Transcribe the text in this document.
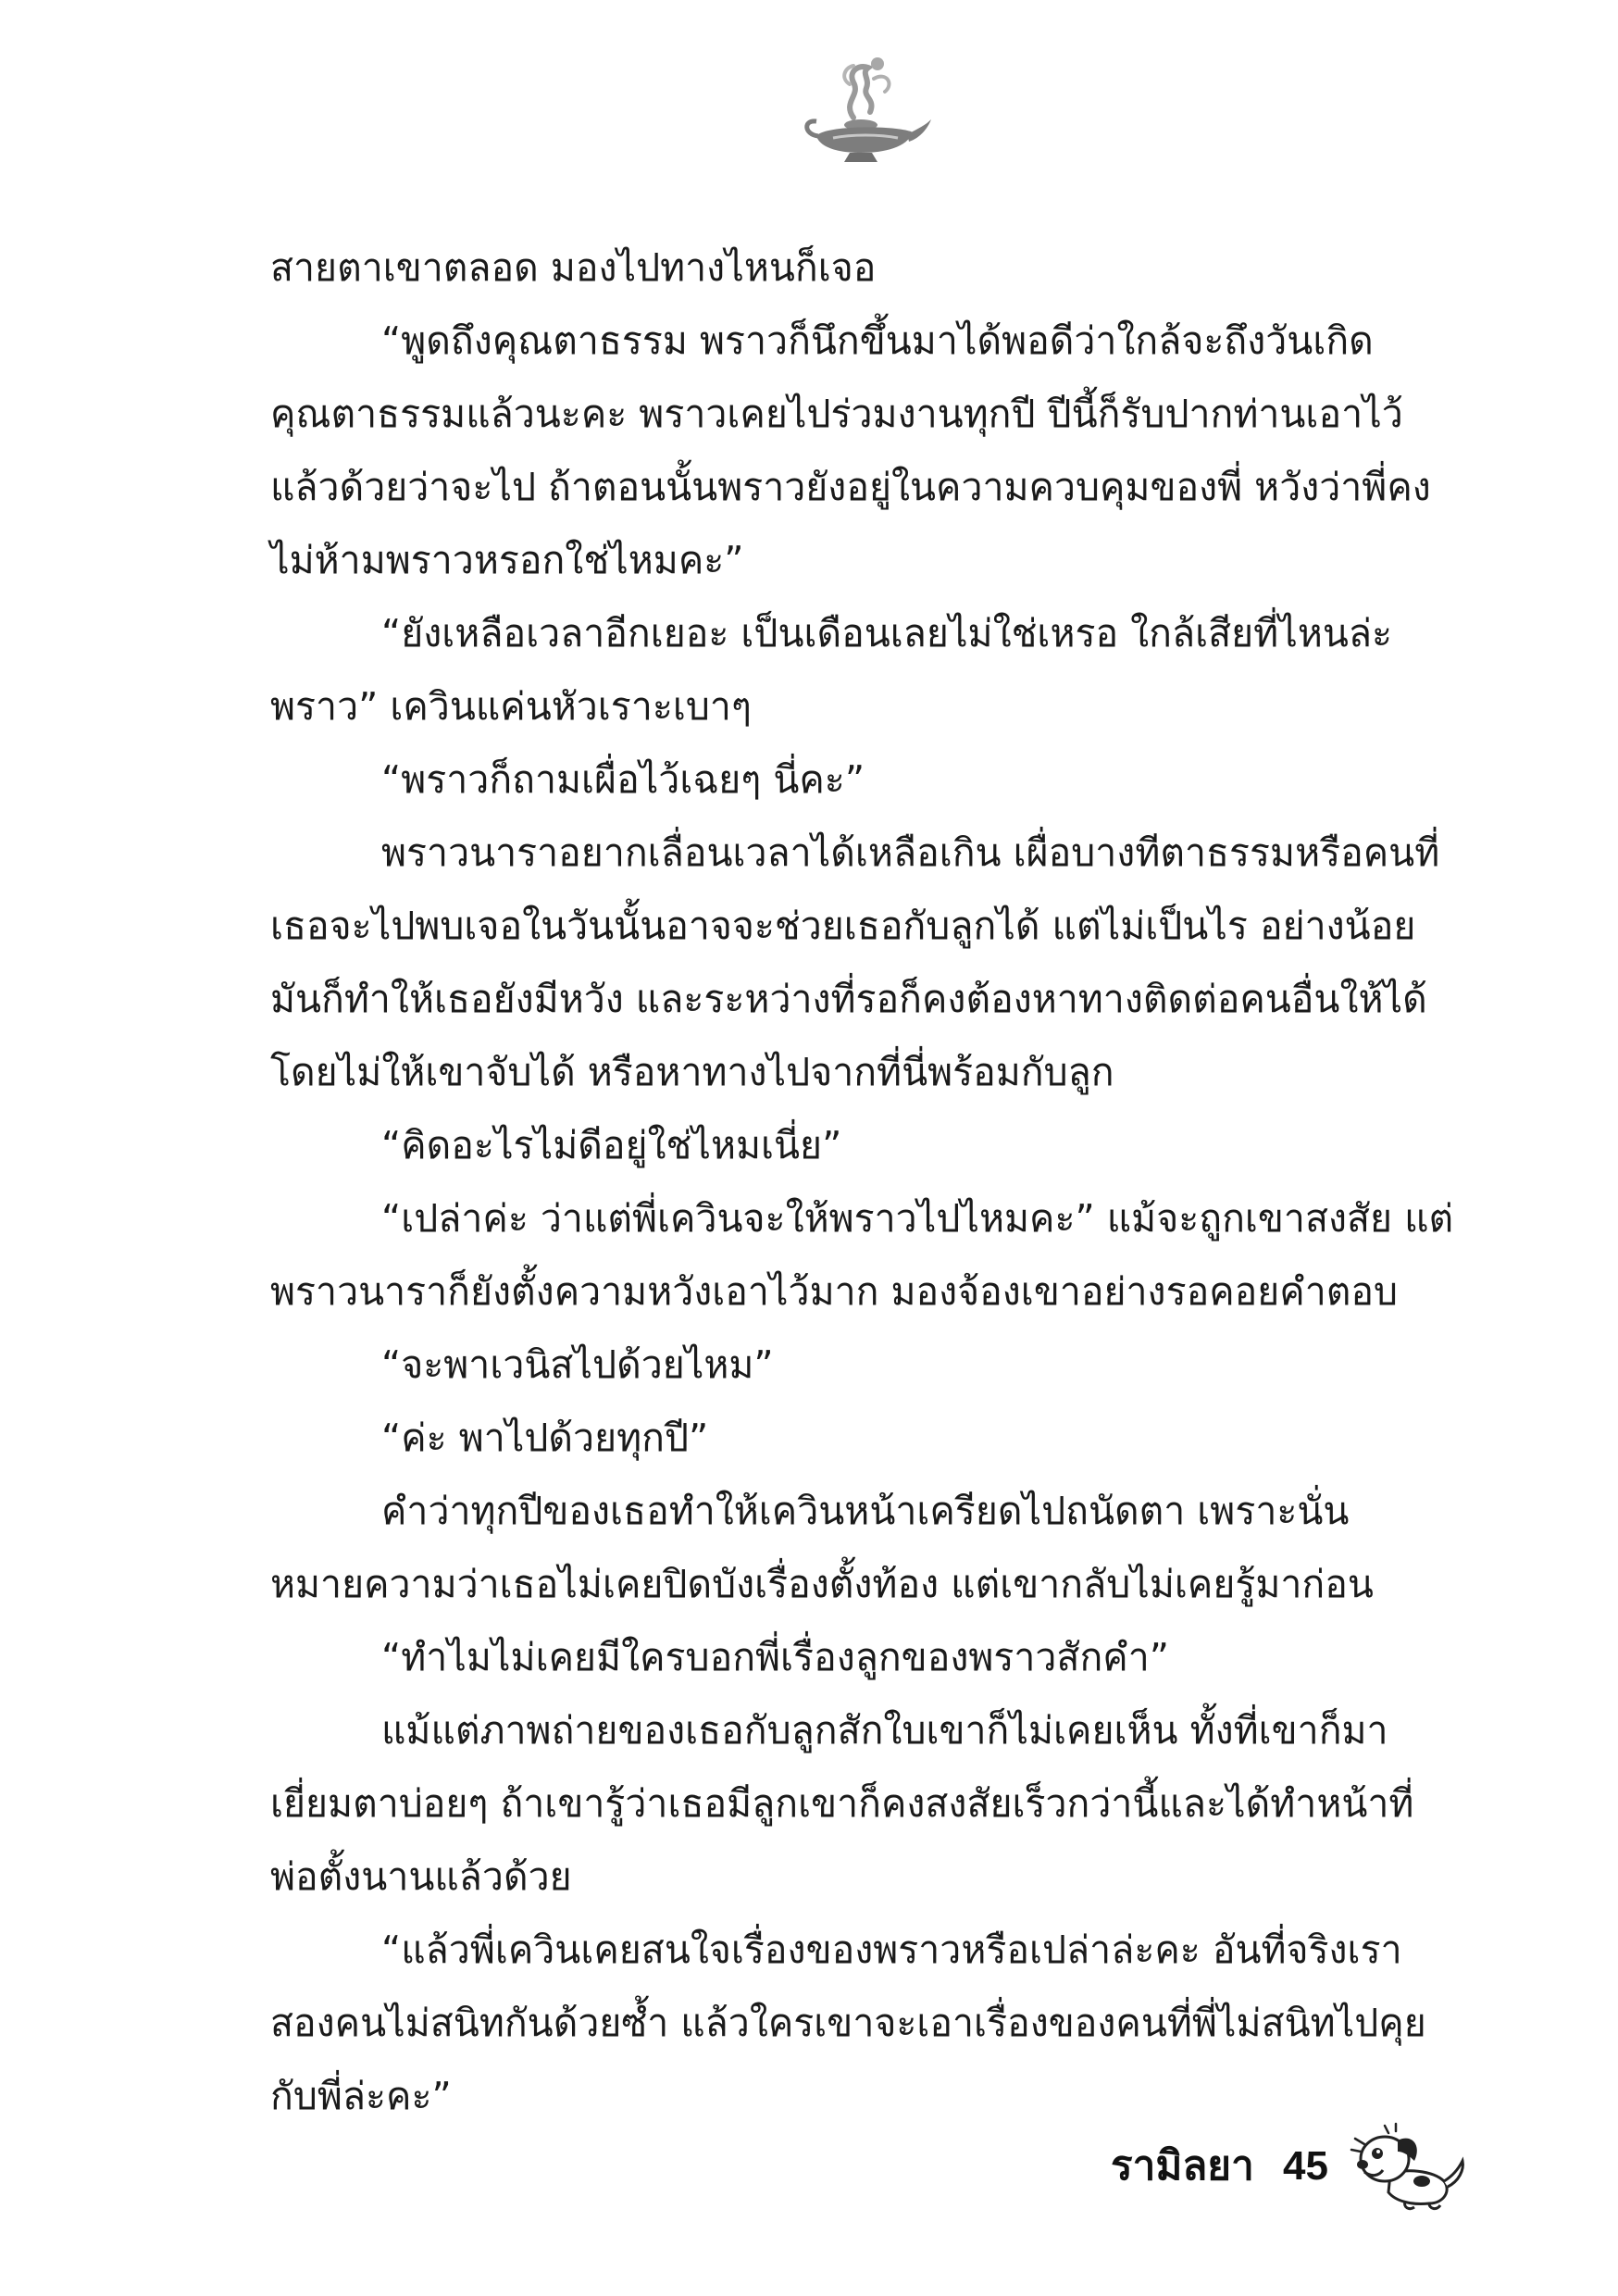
สายตาเขาตลอด มองไปทางไหนก็เจอ

“พูดถึงคุณตาธรรม พราวก็นึกขึ้นมาได้พอดีว่าใกล้จะถึงวันเกิด

คุณตาธรรมแล้วนะคะ พราวเคยไปร่วมงานทุกปี ปีนี้ก็รับปากท่านเอาไว้

แล้วด้วยว่าจะไป ถ้าตอนนั้นพราวยังอยู่ในความควบคุมของพี่ หวังว่าพี่คง

ไม่ห้ามพราวหรอกใช่ไหมคะ”

“ยังเหลือเวลาอีกเยอะ เป็นเดือนเลยไม่ใช่เหรอ ใกล้เสียที่ไหนล่ะ

พราว” เควินแค่นหัวเราะเบาๆ

“พราวก็ถามเผื่อไว้เฉยๆ นี่คะ”

พราวนาราอยากเลื่อนเวลาได้เหลือเกิน เผื่อบางทีตาธรรมหรือคนที่

เธอจะไปพบเจอในวันนั้นอาจจะช่วยเธอกับลูกได้ แต่ไม่เป็นไร อย่างน้อย

มันก็ทำให้เธอยังมีหวัง และระหว่างที่รอก็คงต้องหาทางติดต่อคนอื่นให้ได้

โดยไม่ให้เขาจับได้ หรือหาทางไปจากที่นี่พร้อมกับลูก

“คิดอะไรไม่ดีอยู่ใช่ไหมเนี่ย”

“เปล่าค่ะ ว่าแต่พี่เควินจะให้พราวไปไหมคะ” แม้จะถูกเขาสงสัย แต่

พราวนาราก็ยังตั้งความหวังเอาไว้มาก มองจ้องเขาอย่างรอคอยคำตอบ

“จะพาเวนิสไปด้วยไหม”

“ค่ะ พาไปด้วยทุกปี”

คำว่าทุกปีของเธอทำให้เควินหน้าเครียดไปถนัดตา เพราะนั่น

หมายความว่าเธอไม่เคยปิดบังเรื่องตั้งท้อง แต่เขากลับไม่เคยรู้มาก่อน

“ทำไมไม่เคยมีใครบอกพี่เรื่องลูกของพราวสักคำ”

แม้แต่ภาพถ่ายของเธอกับลูกสักใบเขาก็ไม่เคยเห็น ทั้งที่เขาก็มา

เยี่ยมตาบ่อยๆ ถ้าเขารู้ว่าเธอมีลูกเขาก็คงสงสัยเร็วกว่านี้และได้ทำหน้าที่

พ่อตั้งนานแล้วด้วย

“แล้วพี่เควินเคยสนใจเรื่องของพราวหรือเปล่าล่ะคะ อันที่จริงเรา

สองคนไม่สนิทกันด้วยซ้ำ แล้วใครเขาจะเอาเรื่องของคนที่พี่ไม่สนิทไปคุย

กับพี่ล่ะคะ”

รามิลยา 45
